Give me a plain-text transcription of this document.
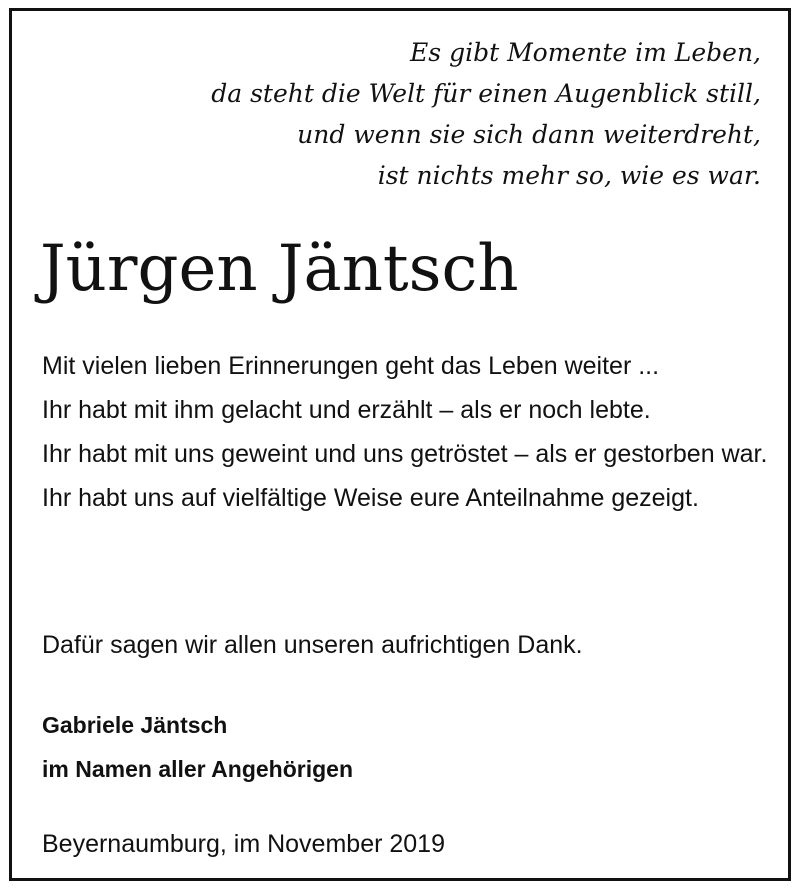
Es gibt Momente im Leben,
da steht die Welt für einen Augenblick still,
und wenn sie sich dann weiterdreht,
ist nichts mehr so, wie es war.
Jürgen Jäntsch
Mit vielen lieben Erinnerungen geht das Leben weiter ...
Ihr habt mit ihm gelacht und erzählt – als er noch lebte.
Ihr habt mit uns geweint und uns getröstet – als er gestorben war.
Ihr habt uns auf vielfältige Weise eure Anteilnahme gezeigt.
Dafür sagen wir allen unseren aufrichtigen Dank.
Gabriele Jäntsch
im Namen aller Angehörigen
Beyernaumburg, im November 2019
